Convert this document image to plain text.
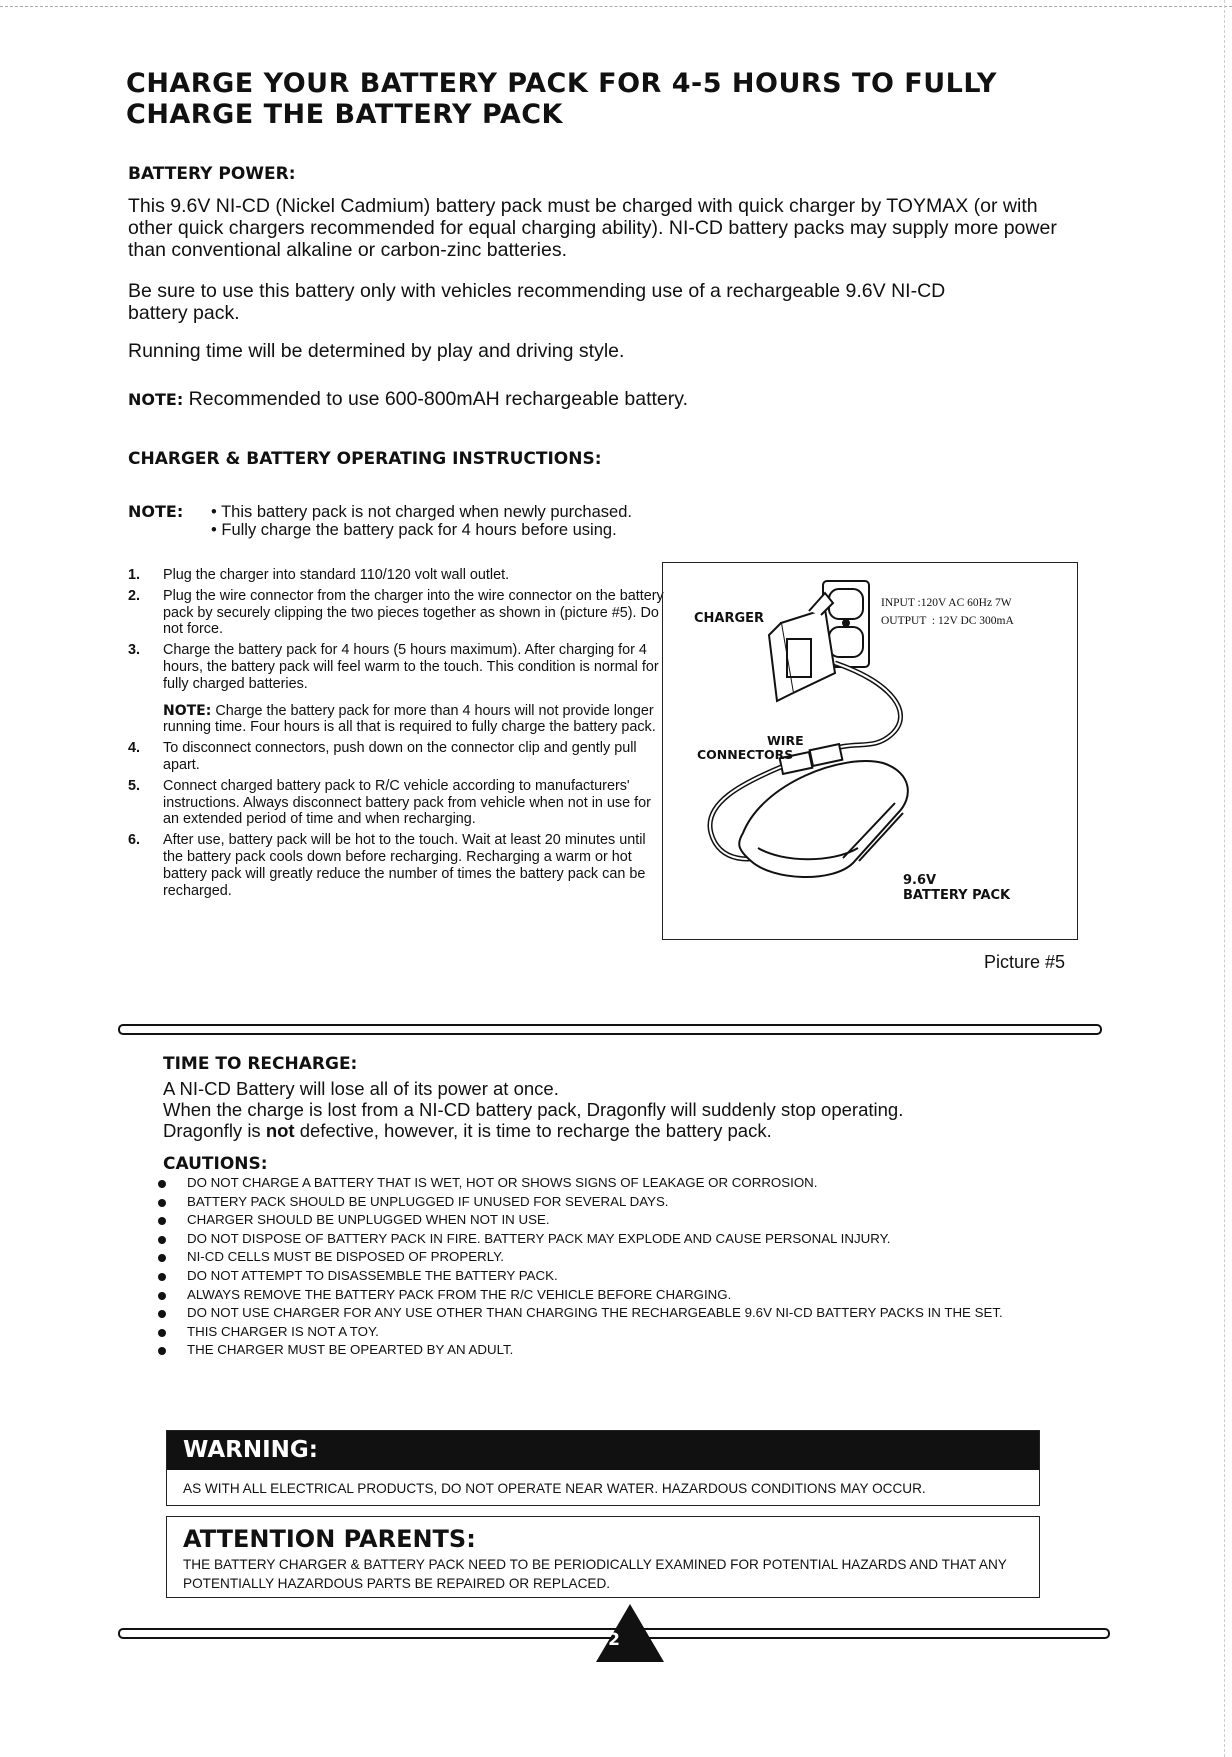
CHARGE YOUR BATTERY PACK FOR 4-5 HOURS TO FULLY CHARGE THE BATTERY PACK
BATTERY POWER:

This 9.6V NI-CD (Nickel Cadmium) battery pack must be charged with quick charger by TOYMAX (or with other quick chargers recommended for equal charging ability). NI-CD battery packs may supply more power than conventional alkaline or carbon-zinc batteries.

Be sure to use this battery only with vehicles recommending use of a rechargeable 9.6V NI-CD battery pack.

Running time will be determined by play and driving style.

NOTE: Recommended to use 600-800mAH rechargeable battery.

CHARGER & BATTERY OPERATING INSTRUCTIONS:
NOTE: • This battery pack is not charged when newly purchased.
• Fully charge the battery pack for 4 hours before using.
1. Plug the charger into standard 110/120 volt wall outlet.
2. Plug the wire connector from the charger into the wire connector on the battery pack by securely clipping the two pieces together as shown in (picture #5). Do not force.
3. Charge the battery pack for 4 hours (5 hours maximum). After charging for 4 hours, the battery pack will feel warm to the touch. This condition is normal for fully charged batteries.
NOTE: Charge the battery pack for more than 4 hours will not provide longer running time. Four hours is all that is required to fully charge the battery pack.
4. To disconnect connectors, push down on the connector clip and gently pull apart.
5. Connect charged battery pack to R/C vehicle according to manufacturers' instructions. Always disconnect battery pack from vehicle when not in use for an extended period of time and when recharging.
6. After use, battery pack will be hot to the touch. Wait at least 20 minutes until the battery pack cools down before recharging. Recharging a warm or hot battery pack will greatly reduce the number of times the battery pack can be recharged.
CHARGER
INPUT :120V AC 60Hz 7W
OUTPUT  : 12V DC 300mA
WIRE
CONNECTORS
9.6V
BATTERY PACK
Picture #5
TIME TO RECHARGE:
A NI-CD Battery will lose all of its power at once.
When the charge is lost from a NI-CD battery pack, Dragonfly will suddenly stop operating.
Dragonfly is not defective, however, it is time to recharge the battery pack.
CAUTIONS:
DO NOT CHARGE A BATTERY THAT IS WET, HOT OR SHOWS SIGNS OF LEAKAGE OR CORROSION.
BATTERY PACK SHOULD BE UNPLUGGED IF UNUSED FOR SEVERAL DAYS.
CHARGER SHOULD BE UNPLUGGED WHEN NOT IN USE.
DO NOT DISPOSE OF BATTERY PACK IN FIRE. BATTERY PACK MAY EXPLODE AND CAUSE PERSONAL INJURY.
NI-CD CELLS MUST BE DISPOSED OF PROPERLY.
DO NOT ATTEMPT TO DISASSEMBLE THE BATTERY PACK.
ALWAYS REMOVE THE BATTERY PACK FROM THE R/C VEHICLE BEFORE CHARGING.
DO NOT USE CHARGER FOR ANY USE OTHER THAN CHARGING THE RECHARGEABLE 9.6V NI-CD BATTERY PACKS IN THE SET.
THIS CHARGER IS NOT A TOY.
THE CHARGER MUST BE OPEARTED BY AN ADULT.
WARNING:
AS WITH ALL ELECTRICAL PRODUCTS, DO NOT OPERATE NEAR WATER. HAZARDOUS CONDITIONS MAY OCCUR.
ATTENTION PARENTS:
THE BATTERY CHARGER & BATTERY PACK NEED TO BE PERIODICALLY EXAMINED FOR POTENTIAL HAZARDS AND THAT ANY POTENTIALLY HAZARDOUS PARTS BE REPAIRED OR REPLACED.
2
